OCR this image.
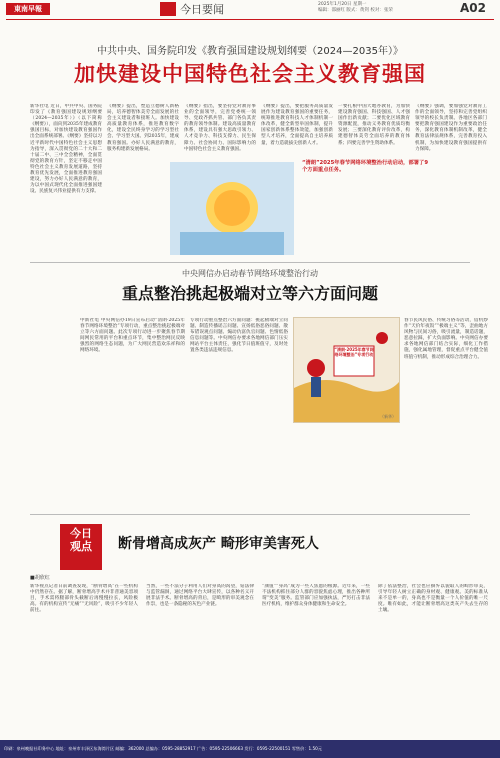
東南早報	今日要闻	2025年1月20日 星期一
编辑：邵丽红 版式：黄剑 校对：张荣	A02
中共中央、国务院印发《教育强国建设规划纲要（2024—2035年）》
加快建设中国特色社会主义教育强国
新华社电 近日，中共中央、国务院印发了《教育强国建设规划纲要（2024—2035年）》（以下简称《纲要》），面向到2035年建成教育强国目标，对加快建设教育强国作出全面系统部署。《纲要》坚持以习近平新时代中国特色社会主义思想为指导，深入贯彻党的二十大和二十届二中、三中全会精神，全面贯彻党的教育方针，坚定不移走中国特色社会主义教育发展道路，坚持教育优先发展，全面推进教育强国建设，努力办好人民满意的教育，为以中国式现代化全面推进强国建设、民族复兴伟业提供有力支撑。
《纲要》提出，塑造立德树人新格局，培养德智体美劳全面发展的社会主义建设者和接班人。加快建设高质量教育体系，推进教育数字化，建设全民终身学习的学习型社会、学习型大国。到2035年，建成教育强国。办好人民满意的教育，服务构建新发展格局。
《纲要》指出，要坚持党对教育事业的全面领导，完善党委统一领导、党政齐抓共管、部门各负其责的教育领导体制。建设高质量教育体系，建设具有强大思政引领力、人才竞争力、科技支撑力、民生保障力、社会协同力、国际影响力的中国特色社会主义教育强国。
《纲要》提出，要把服务高质量发展作为建设教育强国的重要任务，统筹推进教育科技人才体制机制一体改革，健全新型举国体制，提升国家创新体系整体效能，加强创新型人才培养，全面提高自主培养质量，着力造就拔尖创新人才。
一要扎根中国大地办教育，为加快建设教育强国、科技强国、人才强国作出新贡献；二要优化区域教育资源配置，推动义务教育优质均衡发展；三要深化教育评价改革，构建德智体美劳全面培养的教育体系；四要完善学生资助体系。
《纲要》强调，要加强党对教育工作的全面领导，坚持和完善党组织领导的校长负责制。各地区各部门要把教育强国建设作为重要政治任务，深化教育体制机制改革，健全教育法律法规体系，完善教育投入机制，为加快建设教育强国提供有力保障。
“清朗”2025年春节网络环境整治行动启动，部署了9个方面重点任务。
中央网信办启动春节网络环境整治行动
重点整治挑起极端对立等六方面问题
中新社电 中央网信办19日宣布启动“清朗·2025年春节网络环境整治”专项行动，重点整治挑起极端对立等六方面问题。此次专项行动进一步聚焦春节期间网民常用的平台和重点环节，集中整治网民反映强烈的网络生态问题，为广大网民营造欢乐祥和的网络环境。
专项行动重点整治六方面问题：挑起极端对立问题、制造传播谣言问题、宣扬低俗恶俗问题、散布错误观点问题、煽动仇富仇官问题、色情低俗信息问题等。中央网信办要求各地网信部门压实网站平台主体责任，强化节日值班值守，及时处置各类违法违规信息。
春节民风民俗、传统习俗等活动，借机炒作“天价年夜饭”“极端主义”等，歪曲地方风物与民间习俗，吸引流量，制造话题，恶意拉踩，扩大负面影响。中央网信办要求各地网信部门结合实际，细化工作措施，强化属地管理，督促重点平台健全值班值守机制，推动形成综合治理合力。
“清朗·2025年春节网络环境整治”专项行动
（新华）
今日
观点	断骨增高成灰产 畸形审美害死人
■胡欣红
新华视点记者日前调查发现，“断骨增高”在一些机构中仍然存在。据了解，断骨增高手术并非普通美容项目，手术需将腿部骨头截断后再慢慢拉长，风险极高。有的机构宣传“无痛”“无风险”，吸引不少年轻人前往。
当然，一些不法分子利用人们对身高的渴望，钻法律与监管漏洞，通过网络平台大肆宣传，以各种名义开展非法手术。断骨增高的背后，是畸形的审美观念在作祟，也是一条隐秘的灰色产业链。
“颜值”“身高”成为一些人焦虑的根源。近年来，一些不法机构抓住部分人群的容貌焦虑心理，推出各种所谓“变美”服务。监管部门应加强执法，严厉打击非法医疗机构，维护群众身体健康和生命安全。
除了依法整治，社会也应摒弃以貌取人的畸形审美，引导年轻人树立正确的身材观、健康观。美的标准从来不是单一的，身高也不是衡量一个人价值的唯一尺度。唯有如此，才能让断骨增高这类灰产失去生存的土壤。
印刷：泉州晚报社印务中心 地址：泉州市丰泽区东海湾片区 邮编：362000 总编办：0595-28852917 广告：0595-22506663 发行：0595-22500151 零售价：1.50元
